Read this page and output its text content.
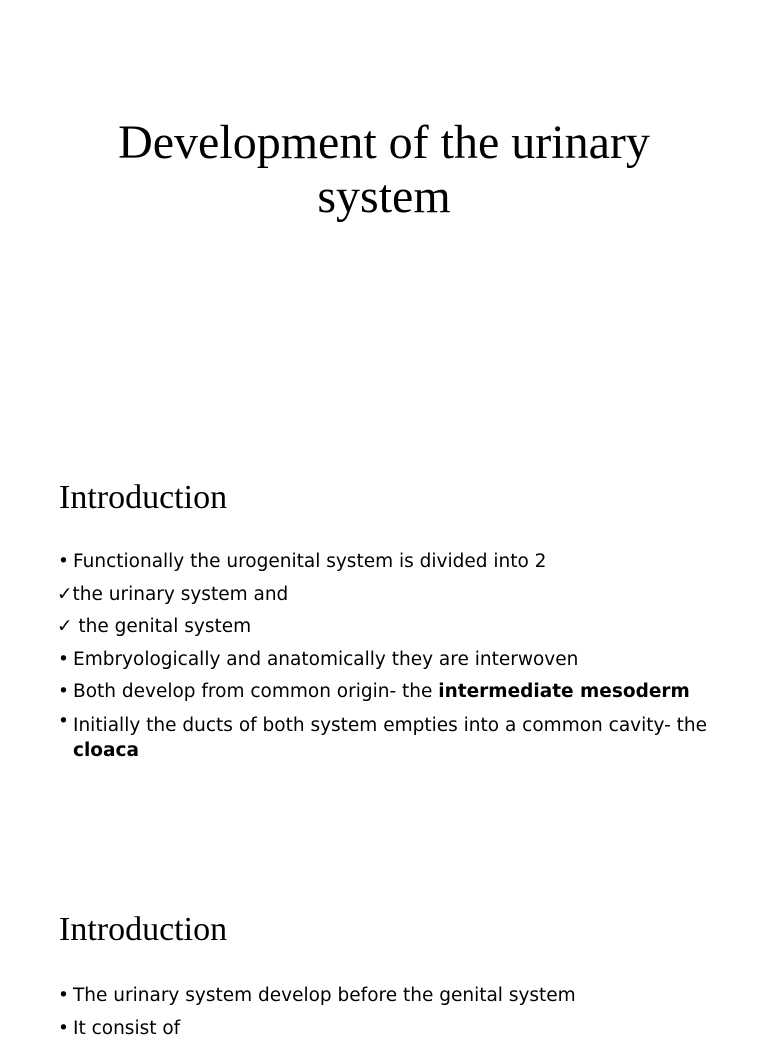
Development of the urinary
system
Introduction
• Functionally the urogenital system is divided into 2
✓the urinary system and
✓ the genital system
• Embryologically and anatomically they are interwoven
• Both develop from common origin- the intermediate mesoderm
• Initially the ducts of both system empties into a common cavity- the cloaca
Introduction
• The urinary system develop before the genital system
• It consist of
